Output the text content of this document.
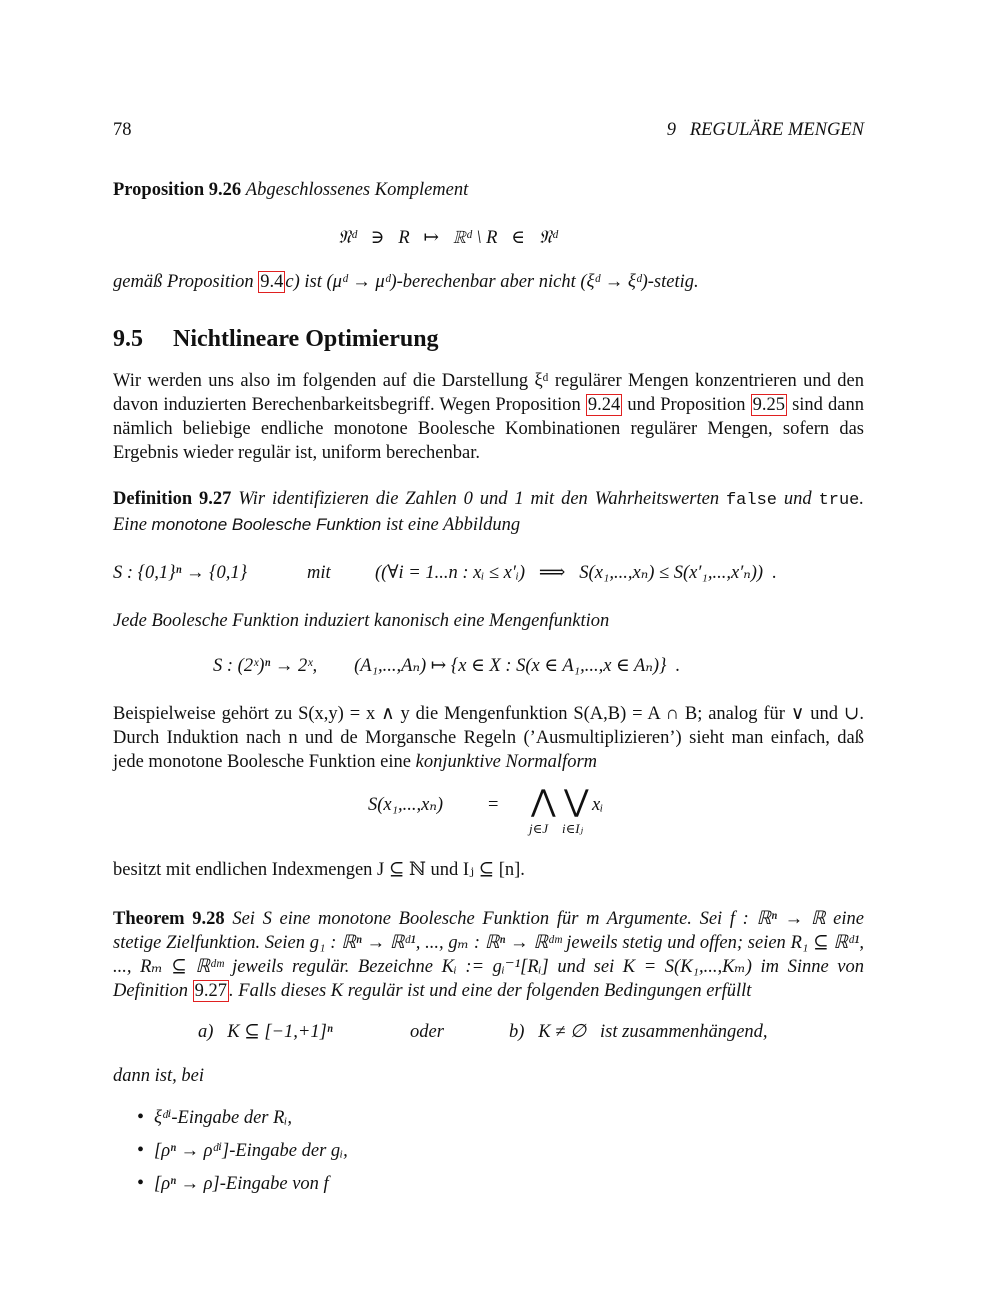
78	9   REGULÄRE MENGEN
Proposition 9.26 Abgeschlossenes Komplement
𝔑ᵈ   ∋   R   ↦   ℝᵈ \ R   ∈   𝔑ᵈ
gemäß Proposition 9.4 c) ist (μᵈ → μᵈ)-berechenbar aber nicht (ξᵈ → ξᵈ)-stetig.
9.5 Nichtlineare Optimierung
Wir werden uns also im folgenden auf die Darstellung ξᵈ regulärer Mengen konzentrieren und den davon induzierten Berechenbarkeitsbegriff. Wegen Proposition 9.24 und Proposition 9.25 sind dann nämlich beliebige endliche monotone Boolesche Kombinationen regulärer Mengen, sofern das Ergebnis wieder regulär ist, uniform berechenbar.
Definition 9.27 Wir identifizieren die Zahlen 0 und 1 mit den Wahrheitswerten false und true. Eine monotone Boolesche Funktion ist eine Abbildung
S : {0,1}ⁿ → {0,1}	mit ((∀i = 1...n : xᵢ ≤ x′ᵢ)   ⟹   S(x₁,...,xₙ) ≤ S(x′₁,...,x′ₙ))  .
Jede Boolesche Funktion induziert kanonisch eine Mengenfunktion
S : (2ˣ)ⁿ → 2ˣ,        (A₁,...,Aₙ) ↦ {x ∈ X : S(x ∈ A₁,...,x ∈ Aₙ)}  .
Beispielweise gehört zu S(x,y) = x ∧ y die Mengenfunktion S(A,B) = A ∩ B; analog für ∨ und ∪. Durch Induktion nach n und de Morgansche Regeln (’Ausmultiplizieren’) sieht man einfach, daß jede monotone Boolesche Funktion eine konjunktive Normalform
S(x₁,...,xₙ) = ⋀ ⋁ xᵢ
j∈J i∈Iⱼ
besitzt mit endlichen Indexmengen J ⊆ ℕ und Iⱼ ⊆ [n].
Theorem 9.28 Sei S eine monotone Boolesche Funktion für m Argumente. Sei f : ℝⁿ → ℝ eine stetige Zielfunktion. Seien g₁ : ℝⁿ → ℝᵈ¹, ..., gₘ : ℝⁿ → ℝᵈᵐ jeweils stetig und offen; seien R₁ ⊆ ℝᵈ¹, ..., Rₘ ⊆ ℝᵈᵐ jeweils regulär. Bezeichne Kᵢ := gᵢ⁻¹[Rᵢ] und sei K = S(K₁,...,Kₘ) im Sinne von Definition 9.27 . Falls dieses K regulär ist und eine der folgenden Bedingungen erfüllt
a)   K ⊆ [−1,+1]ⁿ	oder	b)   K ≠ ∅   ist zusammenhängend,
dann ist, bei
• ξᵈⁱ-Eingabe der Rᵢ,
• [ρⁿ → ρᵈⁱ]-Eingabe der gᵢ,
• [ρⁿ → ρ]-Eingabe von f
